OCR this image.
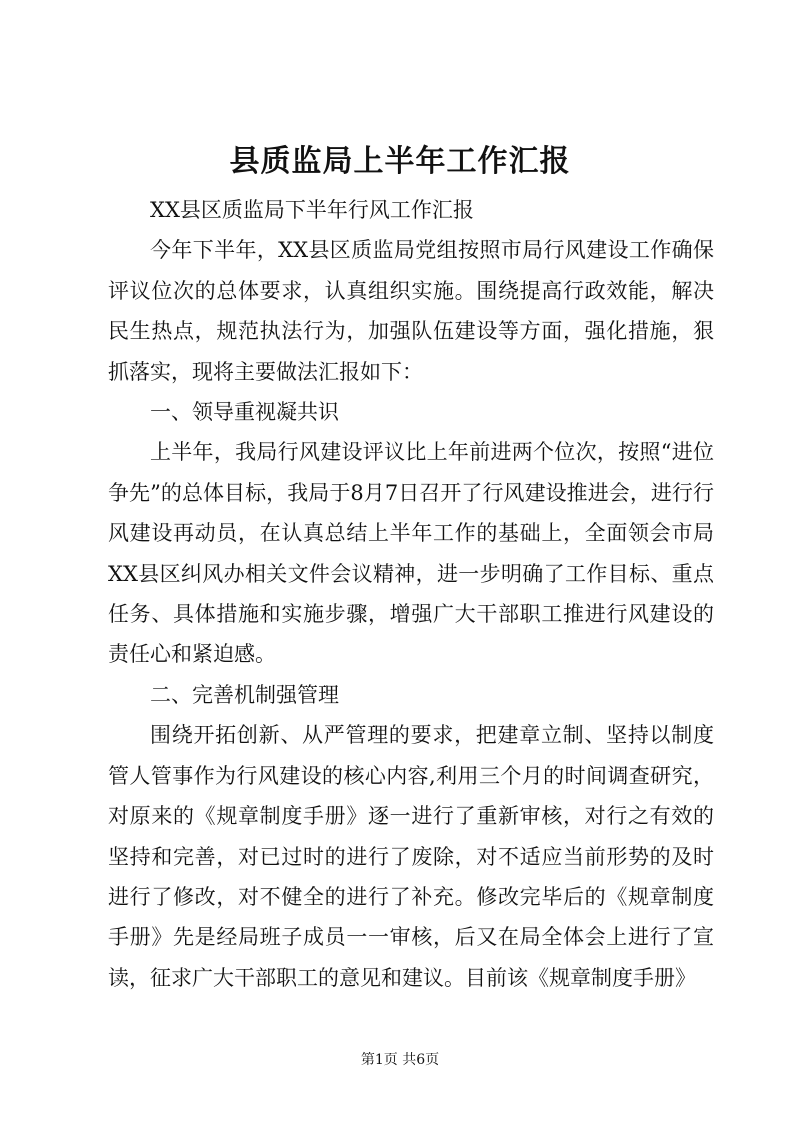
县质监局上半年工作汇报

XX县区质监局下半年行风工作汇报

今年下半年，XX县区质监局党组按照市局行风建设工作确保评议位次的总体要求，认真组织实施。围绕提高行政效能，解决民生热点，规范执法行为，加强队伍建设等方面，强化措施，狠抓落实，现将主要做法汇报如下：

一、领导重视凝共识

上半年，我局行风建设评议比上年前进两个位次，按照“进位争先”的总体目标，我局于8月7日召开了行风建设推进会，进行行风建设再动员，在认真总结上半年工作的基础上，全面领会市局XX县区纠风办相关文件会议精神，进一步明确了工作目标、重点任务、具体措施和实施步骤，增强广大干部职工推进行风建设的责任心和紧迫感。

二、完善机制强管理

围绕开拓创新、从严管理的要求，把建章立制、坚持以制度管人管事作为行风建设的核心内容,利用三个月的时间调查研究，对原来的《规章制度手册》逐一进行了重新审核，对行之有效的坚持和完善，对已过时的进行了废除，对不适应当前形势的及时进行了修改，对不健全的进行了补充。修改完毕后的《规章制度手册》先是经局班子成员一一审核，后又在局全体会上进行了宣读，征求广大干部职工的意见和建议。目前该《规章制度手册》

第1页 共6页
